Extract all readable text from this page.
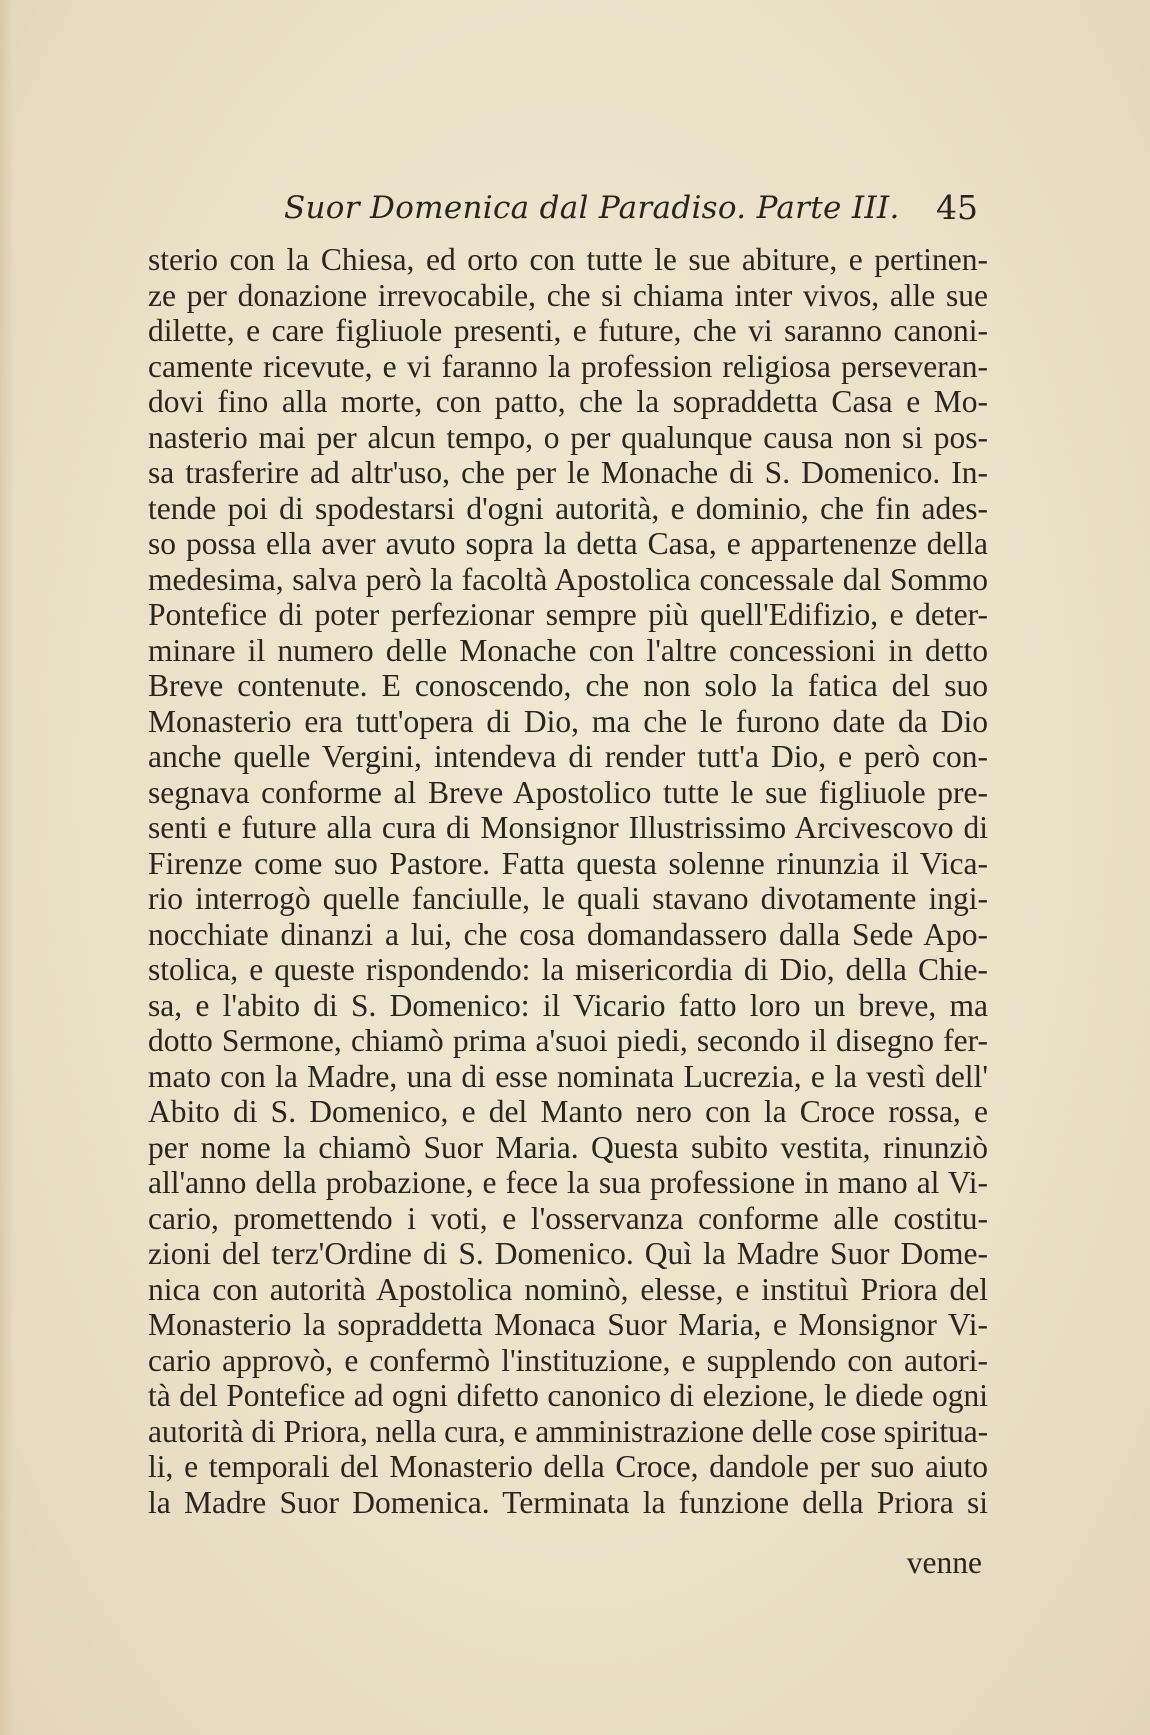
Suor Domenica dal Paradiso. Parte III. 45
sterio con la Chiesa, ed orto con tutte le sue abiture, e pertinen-
ze per donazione irrevocabile, che si chiama inter vivos, alle sue
dilette, e care figliuole presenti, e future, che vi saranno canoni-
camente ricevute, e vi faranno la profession religiosa perseveran-
dovi fino alla morte, con patto, che la sopraddetta Casa e Mo-
nasterio mai per alcun tempo, o per qualunque causa non si pos-
sa trasferire ad altr'uso, che per le Monache di S. Domenico. In-
tende poi di spodestarsi d'ogni autorità, e dominio, che fin ades-
so possa ella aver avuto sopra la detta Casa, e appartenenze della
medesima, salva però la facoltà Apostolica concessale dal Sommo
Pontefice di poter perfezionar sempre più quell'Edifizio, e deter-
minare il numero delle Monache con l'altre concessioni in detto
Breve contenute. E conoscendo, che non solo la fatica del suo
Monasterio era tutt'opera di Dio, ma che le furono date da Dio
anche quelle Vergini, intendeva di render tutt'a Dio, e però con-
segnava conforme al Breve Apostolico tutte le sue figliuole pre-
senti e future alla cura di Monsignor Illustrissimo Arcivescovo di
Firenze come suo Pastore. Fatta questa solenne rinunzia il Vica-
rio interrogò quelle fanciulle, le quali stavano divotamente ingi-
nocchiate dinanzi a lui, che cosa domandassero dalla Sede Apo-
stolica, e queste rispondendo: la misericordia di Dio, della Chie-
sa, e l'abito di S. Domenico: il Vicario fatto loro un breve, ma
dotto Sermone, chiamò prima a'suoi piedi, secondo il disegno fer-
mato con la Madre, una di esse nominata Lucrezia, e la vestì dell'
Abito di S. Domenico, e del Manto nero con la Croce rossa, e
per nome la chiamò Suor Maria. Questa subito vestita, rinunziò
all'anno della probazione, e fece la sua professione in mano al Vi-
cario, promettendo i voti, e l'osservanza conforme alle costitu-
zioni del terz'Ordine di S. Domenico. Quì la Madre Suor Dome-
nica con autorità Apostolica nominò, elesse, e instituì Priora del
Monasterio la sopraddetta Monaca Suor Maria, e Monsignor Vi-
cario approvò, e confermò l'instituzione, e supplendo con autori-
tà del Pontefice ad ogni difetto canonico di elezione, le diede ogni
autorità di Priora, nella cura, e amministrazione delle cose spiritua-
li, e temporali del Monasterio della Croce, dandole per suo aiuto
la Madre Suor Domenica. Terminata la funzione della Priora si
venne
